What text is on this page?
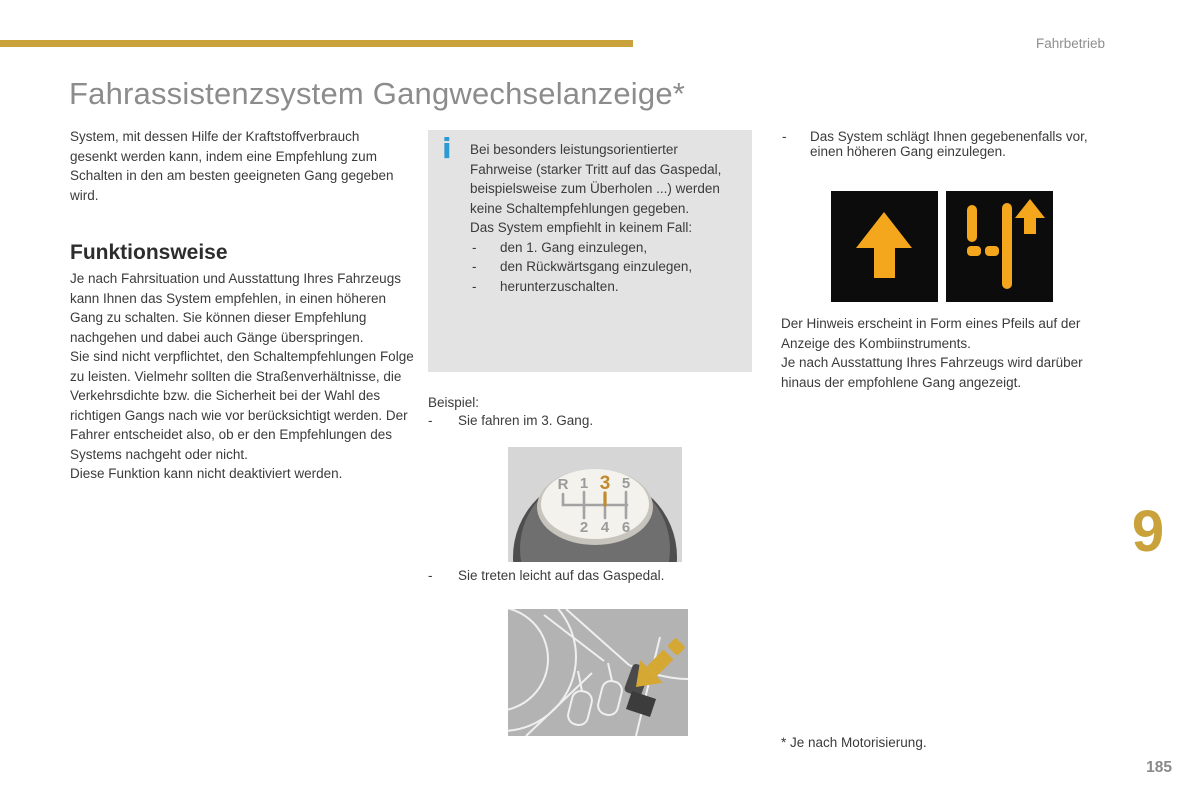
Fahrbetrieb
Fahrassistenzsystem Gangwechselanzeige*

System, mit dessen Hilfe der Kraftstoffverbrauch gesenkt werden kann, indem eine Empfehlung zum Schalten in den am besten geeigneten Gang gegeben wird.

Funktionsweise

Je nach Fahrsituation und Ausstattung Ihres Fahrzeugs kann Ihnen das System empfehlen, in einen höheren Gang zu schalten. Sie können dieser Empfehlung nachgehen und dabei auch Gänge überspringen.

Sie sind nicht verpflichtet, den Schaltempfehlungen Folge zu leisten. Vielmehr sollten die Straßenverhältnisse, die Verkehrsdichte bzw. die Sicherheit bei der Wahl des richtigen Gangs nach wie vor berücksichtigt werden. Der Fahrer entscheidet also, ob er den Empfehlungen des Systems nachgeht oder nicht.

Diese Funktion kann nicht deaktiviert werden.

i Bei besonders leistungsorientierter Fahrweise (starker Tritt auf das Gaspedal, beispielsweise zum Überholen ...) werden keine Schaltempfehlungen gegeben.

Das System empfiehlt in keinem Fall:

-	den 1. Gang einzulegen,
-	den Rückwärtsgang einzulegen,
-	herunterzuschalten.
Beispiel:
-	Sie fahren im 3. Gang.
R 1 5
2 4 6
3
-	Sie treten leicht auf das Gaspedal.
-	Das System schlägt Ihnen gegebenenfalls vor, einen höheren Gang einzulegen.

Der Hinweis erscheint in Form eines Pfeils auf der Anzeige des Kombiinstruments.

Je nach Ausstattung Ihres Fahrzeugs wird darüber hinaus der empfohlene Gang angezeigt.

* Je nach Motorisierung.
9
185
